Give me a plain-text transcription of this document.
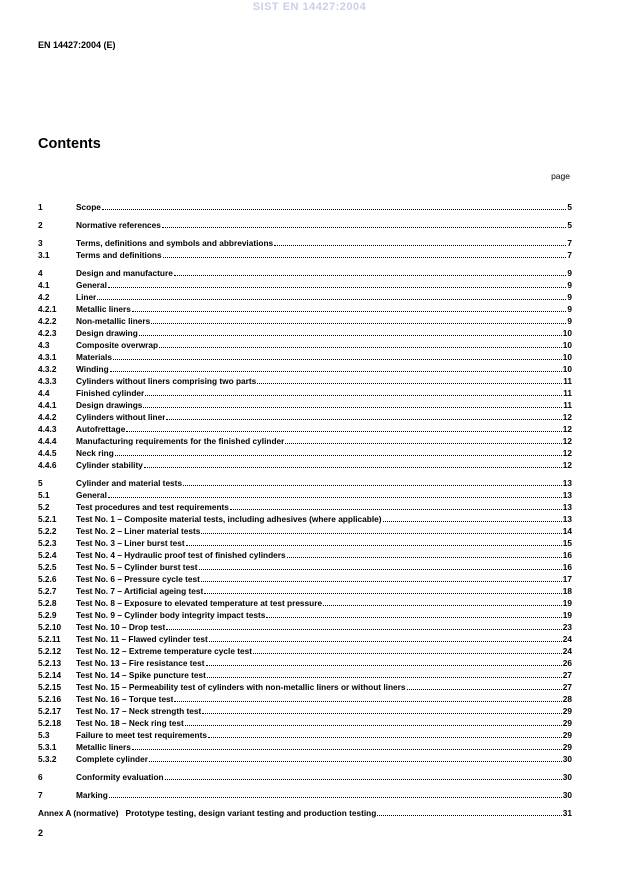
SIST EN 14427:2004
EN 14427:2004 (E)
Contents
page
1	Scope	5
2	Normative references	5
3	Terms, definitions and symbols and abbreviations	7
3.1	Terms and definitions	7
4	Design and manufacture	9
4.1	General	9
4.2	Liner	9
4.2.1	Metallic liners	9
4.2.2	Non-metallic liners	9
4.2.3	Design drawing	10
4.3	Composite overwrap	10
4.3.1	Materials	10
4.3.2	Winding	10
4.3.3	Cylinders without liners comprising two parts	11
4.4	Finished cylinder	11
4.4.1	Design drawings	11
4.4.2	Cylinders without liner	12
4.4.3	Autofrettage	12
4.4.4	Manufacturing requirements for the finished cylinder	12
4.4.5	Neck ring	12
4.4.6	Cylinder stability	12
5	Cylinder and material tests	13
5.1	General	13
5.2	Test procedures and test requirements	13
5.2.1	Test No. 1 – Composite material tests, including adhesives (where applicable)	13
5.2.2	Test No. 2 – Liner material tests	14
5.2.3	Test No. 3 – Liner burst test	15
5.2.4	Test No. 4 – Hydraulic proof test of finished cylinders	16
5.2.5	Test No. 5 – Cylinder burst test	16
5.2.6	Test No. 6 – Pressure cycle test	17
5.2.7	Test No. 7 – Artificial ageing test	18
5.2.8	Test No. 8 – Exposure to elevated temperature at test pressure	19
5.2.9	Test No. 9 – Cylinder body integrity impact tests	19
5.2.10	Test No. 10 – Drop test	23
5.2.11	Test No. 11 – Flawed cylinder test	24
5.2.12	Test No. 12 – Extreme temperature cycle test	24
5.2.13	Test No. 13 – Fire resistance test	26
5.2.14	Test No. 14 – Spike puncture test	27
5.2.15	Test No. 15 – Permeability test of cylinders with non-metallic liners or without liners	27
5.2.16	Test No. 16 – Torque test	28
5.2.17	Test No. 17 – Neck strength test	29
5.2.18	Test No. 18 – Neck ring test	29
5.3	Failure to meet test requirements	29
5.3.1	Metallic liners	29
5.3.2	Complete cylinder	30
6	Conformity evaluation	30
7	Marking	30
Annex A (normative) Prototype testing, design variant testing and production testing	31
2
